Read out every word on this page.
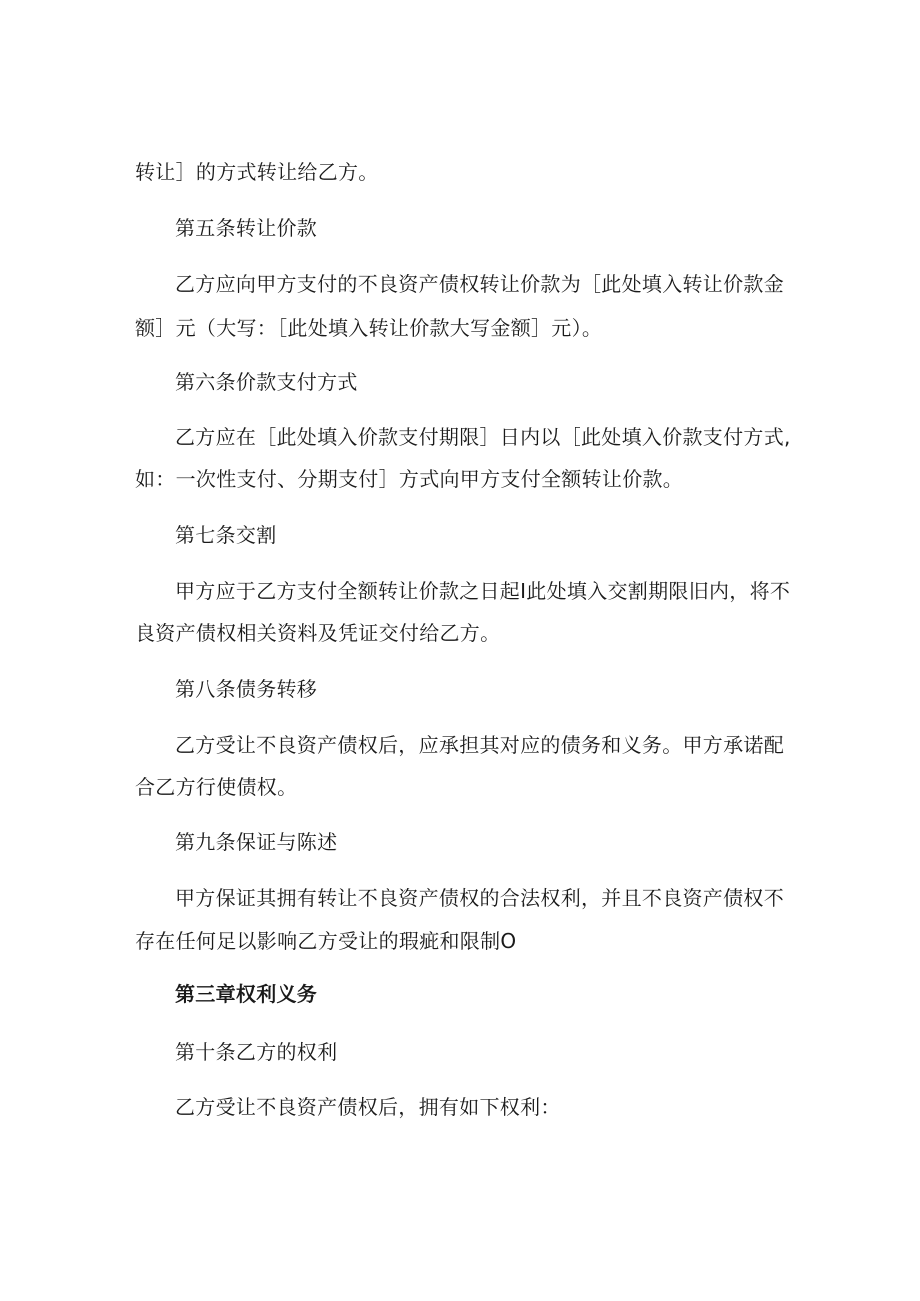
转让］的方式转让给乙方。
第五条转让价款
乙方应向甲方支付的不良资产债权转让价款为［此处填入转让价款金
额］元（大写：［此处填入转让价款大写金额］元）。
第六条价款支付方式
乙方应在［此处填入价款支付期限］日内以［此处填入价款支付方式,
如：一次性支付、分期支付］方式向甲方支付全额转让价款。
第七条交割
甲方应于乙方支付全额转让价款之日起I此处填入交割期限旧内，将不
良资产债权相关资料及凭证交付给乙方。
第八条债务转移
乙方受让不良资产债权后，应承担其对应的债务和义务。甲方承诺配
合乙方行使债权。
第九条保证与陈述
甲方保证其拥有转让不良资产债权的合法权利，并且不良资产债权不
存在任何足以影响乙方受让的瑕疵和限制O
第三章权利义务
第十条乙方的权利
乙方受让不良资产债权后，拥有如下权利：
